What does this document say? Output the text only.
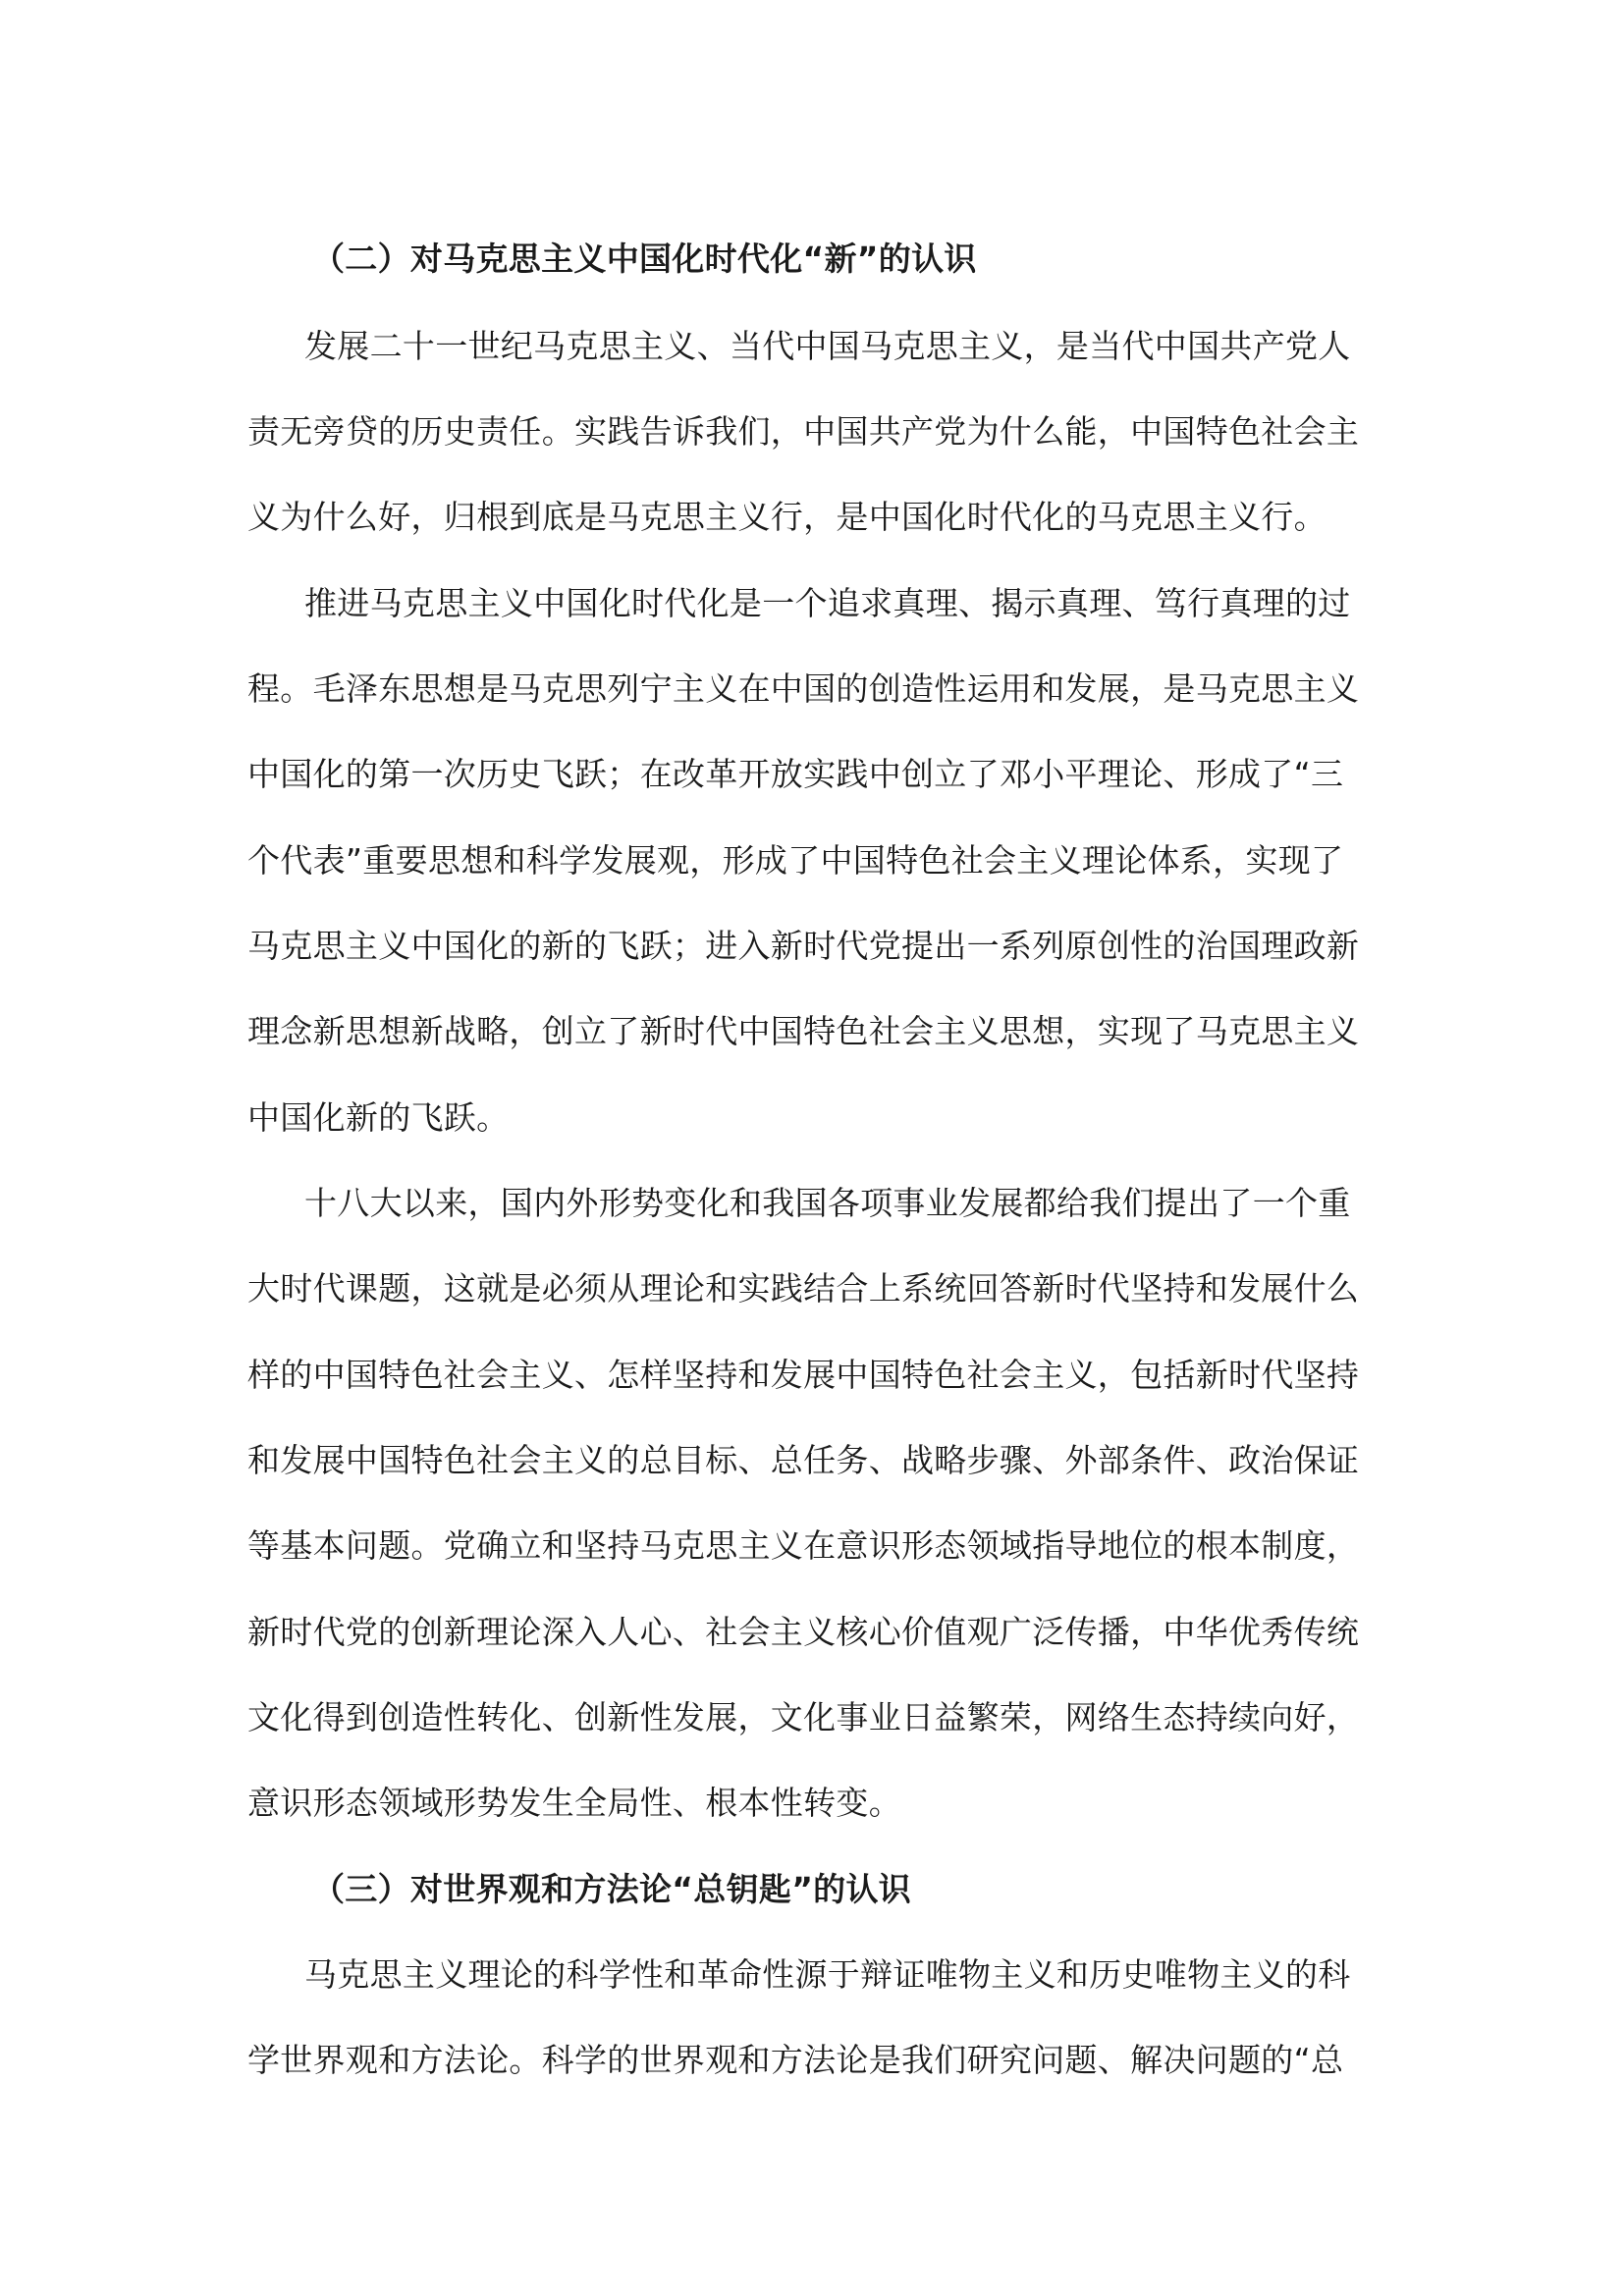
（二）对马克思主义中国化时代化“新”的认识
发展二十一世纪马克思主义、当代中国马克思主义，是当代中国共产党人
责无旁贷的历史责任。实践告诉我们，中国共产党为什么能，中国特色社会主
义为什么好，归根到底是马克思主义行，是中国化时代化的马克思主义行。
推进马克思主义中国化时代化是一个追求真理、揭示真理、笃行真理的过
程。毛泽东思想是马克思列宁主义在中国的创造性运用和发展，是马克思主义
中国化的第一次历史飞跃；在改革开放实践中创立了邓小平理论、形成了“三
个代表”重要思想和科学发展观，形成了中国特色社会主义理论体系，实现了
马克思主义中国化的新的飞跃；进入新时代党提出一系列原创性的治国理政新
理念新思想新战略，创立了新时代中国特色社会主义思想，实现了马克思主义
中国化新的飞跃。
十八大以来，国内外形势变化和我国各项事业发展都给我们提出了一个重
大时代课题，这就是必须从理论和实践结合上系统回答新时代坚持和发展什么
样的中国特色社会主义、怎样坚持和发展中国特色社会主义，包括新时代坚持
和发展中国特色社会主义的总目标、总任务、战略步骤、外部条件、政治保证
等基本问题。党确立和坚持马克思主义在意识形态领域指导地位的根本制度，
新时代党的创新理论深入人心、社会主义核心价值观广泛传播，中华优秀传统
文化得到创造性转化、创新性发展，文化事业日益繁荣，网络生态持续向好，
意识形态领域形势发生全局性、根本性转变。
（三）对世界观和方法论“总钥匙”的认识
马克思主义理论的科学性和革命性源于辩证唯物主义和历史唯物主义的科
学世界观和方法论。科学的世界观和方法论是我们研究问题、解决问题的“总
